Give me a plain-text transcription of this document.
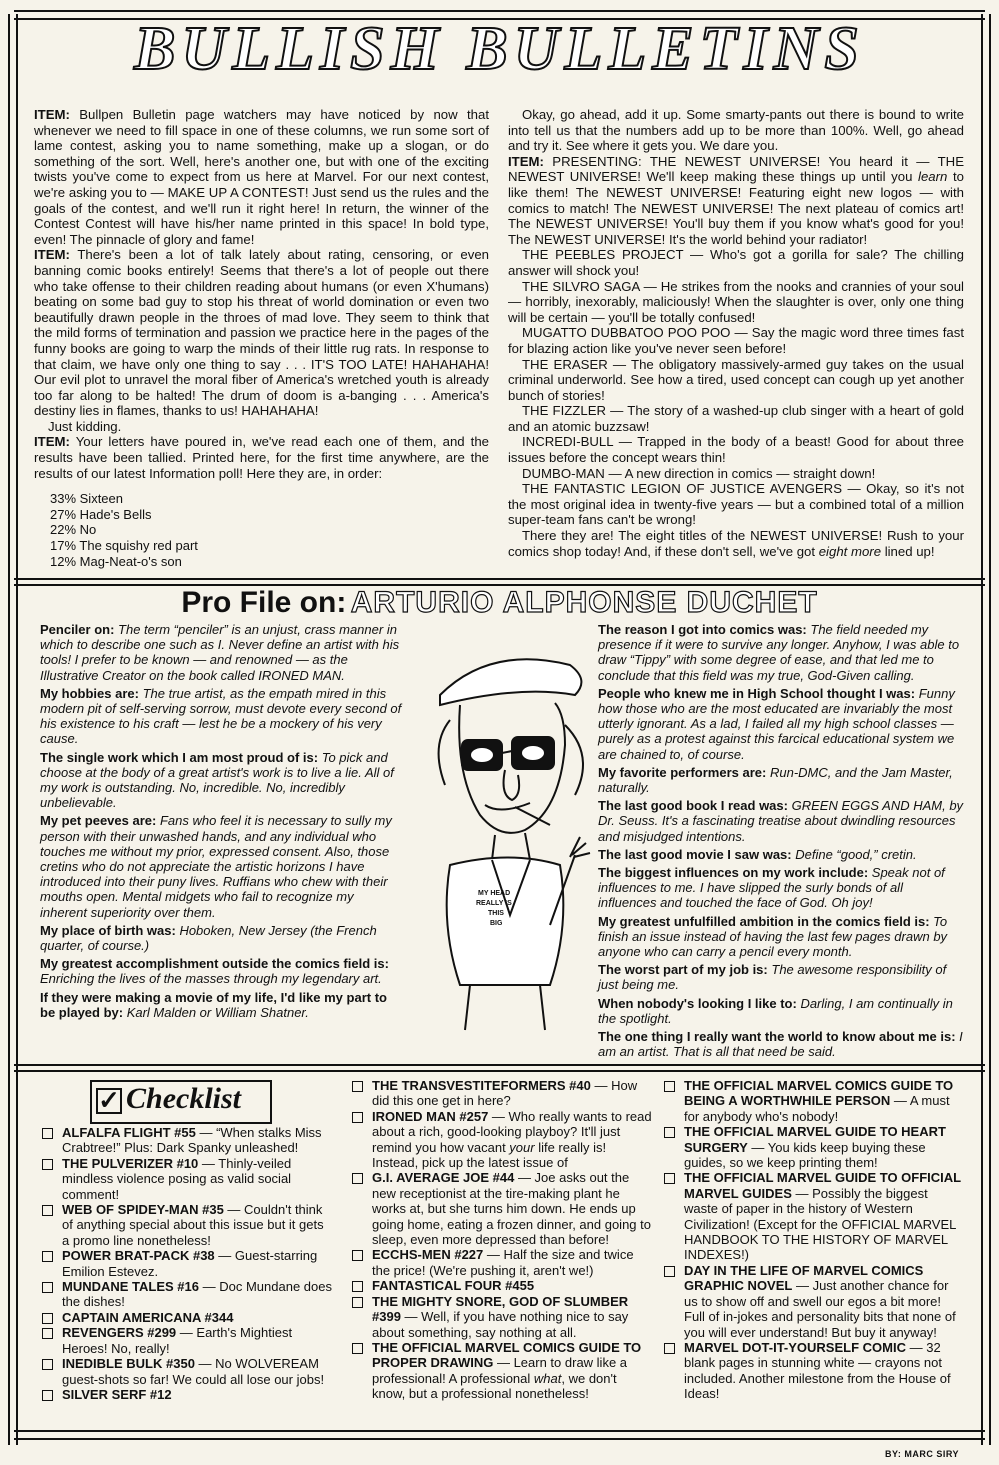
BULLISH BULLETINS

ITEM: Bullpen Bulletin page watchers may have noticed by now that whenever we need to fill space in one of these columns, we run some sort of lame contest, asking you to name something, make up a slogan, or do something of the sort. Well, here's another one, but with one of the exciting twists you've come to expect from us here at Marvel. For our next contest, we're asking you to — MAKE UP A CONTEST! Just send us the rules and the goals of the contest, and we'll run it right here! In return, the winner of the Contest Contest will have his/her name printed in this space! In bold type, even! The pinnacle of glory and fame!

ITEM: There's been a lot of talk lately about rating, censoring, or even banning comic books entirely! Seems that there's a lot of people out there who take offense to their children reading about humans (or even X'humans) beating on some bad guy to stop his threat of world domination or even two beautifully drawn people in the throes of mad love. They seem to think that the mild forms of termination and passion we practice here in the pages of the funny books are going to warp the minds of their little rug rats. In response to that claim, we have only one thing to say . . . IT'S TOO LATE! HAHAHAHA! Our evil plot to unravel the moral fiber of America's wretched youth is already too far along to be halted! The drum of doom is a-banging . . . America's destiny lies in flames, thanks to us! HAHAHAHA!

Just kidding.

ITEM: Your letters have poured in, we've read each one of them, and the results have been tallied. Printed here, for the first time anywhere, are the results of our latest Information poll! Here they are, in order:

33% Sixteen
27% Hade's Bells
22% No
17% The squishy red part
12% Mag-Neat-o's son

Okay, go ahead, add it up. Some smarty-pants out there is bound to write into tell us that the numbers add up to be more than 100%. Well, go ahead and try it. See where it gets you. We dare you.

ITEM: PRESENTING: THE NEWEST UNIVERSE! You heard it — THE NEWEST UNIVERSE! We'll keep making these things up until you learn to like them! The NEWEST UNIVERSE! Featuring eight new logos — with comics to match! The NEWEST UNIVERSE! The next plateau of comics art! The NEWEST UNIVERSE! You'll buy them if you know what's good for you! The NEWEST UNIVERSE! It's the world behind your radiator!

THE PEEBLES PROJECT — Who's got a gorilla for sale? The chilling answer will shock you!

THE SILVRO SAGA — He strikes from the nooks and crannies of your soul — horribly, inexorably, maliciously! When the slaughter is over, only one thing will be certain — you'll be totally confused!

MUGATTO DUBBATOO POO POO — Say the magic word three times fast for blazing action like you've never seen before!

THE ERASER — The obligatory massively-armed guy takes on the usual criminal underworld. See how a tired, used concept can cough up yet another bunch of stories!

THE FIZZLER — The story of a washed-up club singer with a heart of gold and an atomic buzzsaw!

INCREDI-BULL — Trapped in the body of a beast! Good for about three issues before the concept wears thin!

DUMBO-MAN — A new direction in comics — straight down!

THE FANTASTIC LEGION OF JUSTICE AVENGERS — Okay, so it's not the most original idea in twenty-five years — but a combined total of a million super-team fans can't be wrong!

There they are! The eight titles of the NEWEST UNIVERSE! Rush to your comics shop today! And, if these don't sell, we've got eight more lined up!

Pro File on: ARTURIO ALPHONSE DUCHET

Penciler on: The term “penciler” is an unjust, crass manner in which to describe one such as I. Never define an artist with his tools! I prefer to be known — and renowned — as the Illustrative Creator on the book called IRONED MAN.

My hobbies are: The true artist, as the empath mired in this modern pit of self-serving sorrow, must devote every second of his existence to his craft — lest he be a mockery of his very cause.

The single work which I am most proud of is: To pick and choose at the body of a great artist's work is to live a lie. All of my work is outstanding. No, incredible. No, incredibly unbelievable.

My pet peeves are: Fans who feel it is necessary to sully my person with their unwashed hands, and any individual who touches me without my prior, expressed consent. Also, those cretins who do not appreciate the artistic horizons I have introduced into their puny lives. Ruffians who chew with their mouths open. Mental midgets who fail to recognize my inherent superiority over them.

My place of birth was: Hoboken, New Jersey (the French quarter, of course.)

My greatest accomplishment outside the comics field is: Enriching the lives of the masses through my legendary art.

If they were making a movie of my life, I'd like my part to be played by: Karl Malden or William Shatner.

MY HEAD
REALLY IS
THIS
BIG

The reason I got into comics was: The field needed my presence if it were to survive any longer. Anyhow, I was able to draw “Tippy” with some degree of ease, and that led me to conclude that this field was my true, God-Given calling.

People who knew me in High School thought I was: Funny how those who are the most educated are invariably the most utterly ignorant. As a lad, I failed all my high school classes — purely as a protest against this farcical educational system we are chained to, of course.

My favorite performers are: Run-DMC, and the Jam Master, naturally.

The last good book I read was: GREEN EGGS AND HAM, by Dr. Seuss. It's a fascinating treatise about dwindling resources and misjudged intentions.

The last good movie I saw was: Define “good,” cretin.

The biggest influences on my work include: Speak not of influences to me. I have slipped the surly bonds of all influences and touched the face of God. Oh joy!

My greatest unfulfilled ambition in the comics field is: To finish an issue instead of having the last few pages drawn by anyone who can carry a pencil every month.

The worst part of my job is: The awesome responsibility of just being me.

When nobody's looking I like to: Darling, I am continually in the spotlight.

The one thing I really want the world to know about me is: I am an artist. That is all that need be said.

✓ Checklist
ALFALFA FLIGHT #55 — “When stalks Miss Crabtree!” Plus: Dark Spanky unleashed!
THE PULVERIZER #10 — Thinly-veiled mindless violence posing as valid social comment!
WEB OF SPIDEY-MAN #35 — Couldn't think of anything special about this issue but it gets a promo line nonetheless!
POWER BRAT-PACK #38 — Guest-starring Emilion Estevez.
MUNDANE TALES #16 — Doc Mundane does the dishes!
CAPTAIN AMERICANA #344
REVENGERS #299 — Earth's Mightiest Heroes! No, really!
INEDIBLE BULK #350 — No WOLVEREAM guest-shots so far! We could all lose our jobs!
SILVER SERF #12
THE TRANSVESTITEFORMERS #40 — How did this one get in here?
IRONED MAN #257 — Who really wants to read about a rich, good-looking playboy? It'll just remind you how vacant your life really is! Instead, pick up the latest issue of
G.I. AVERAGE JOE #44 — Joe asks out the new receptionist at the tire-making plant he works at, but she turns him down. He ends up going home, eating a frozen dinner, and going to sleep, even more depressed than before!
ECCHS-MEN #227 — Half the size and twice the price! (We're pushing it, aren't we!)
FANTASTICAL FOUR #455
THE MIGHTY SNORE, GOD OF SLUMBER #399 — Well, if you have nothing nice to say about something, say nothing at all.
THE OFFICIAL MARVEL COMICS GUIDE TO PROPER DRAWING — Learn to draw like a professional! A professional what, we don't know, but a professional nonetheless!
THE OFFICIAL MARVEL COMICS GUIDE TO BEING A WORTHWHILE PERSON — A must for anybody who's nobody!
THE OFFICIAL MARVEL GUIDE TO HEART SURGERY — You kids keep buying these guides, so we keep printing them!
THE OFFICIAL MARVEL GUIDE TO OFFICIAL MARVEL GUIDES — Possibly the biggest waste of paper in the history of Western Civilization! (Except for the OFFICIAL MARVEL HANDBOOK TO THE HISTORY OF MARVEL INDEXES!)
DAY IN THE LIFE OF MARVEL COMICS GRAPHIC NOVEL — Just another chance for us to show off and swell our egos a bit more! Full of in-jokes and personality bits that none of you will ever understand! But buy it anyway!
MARVEL DOT-IT-YOURSELF COMIC — 32 blank pages in stunning white — crayons not included. Another milestone from the House of Ideas!
BY: MARC SIRY
